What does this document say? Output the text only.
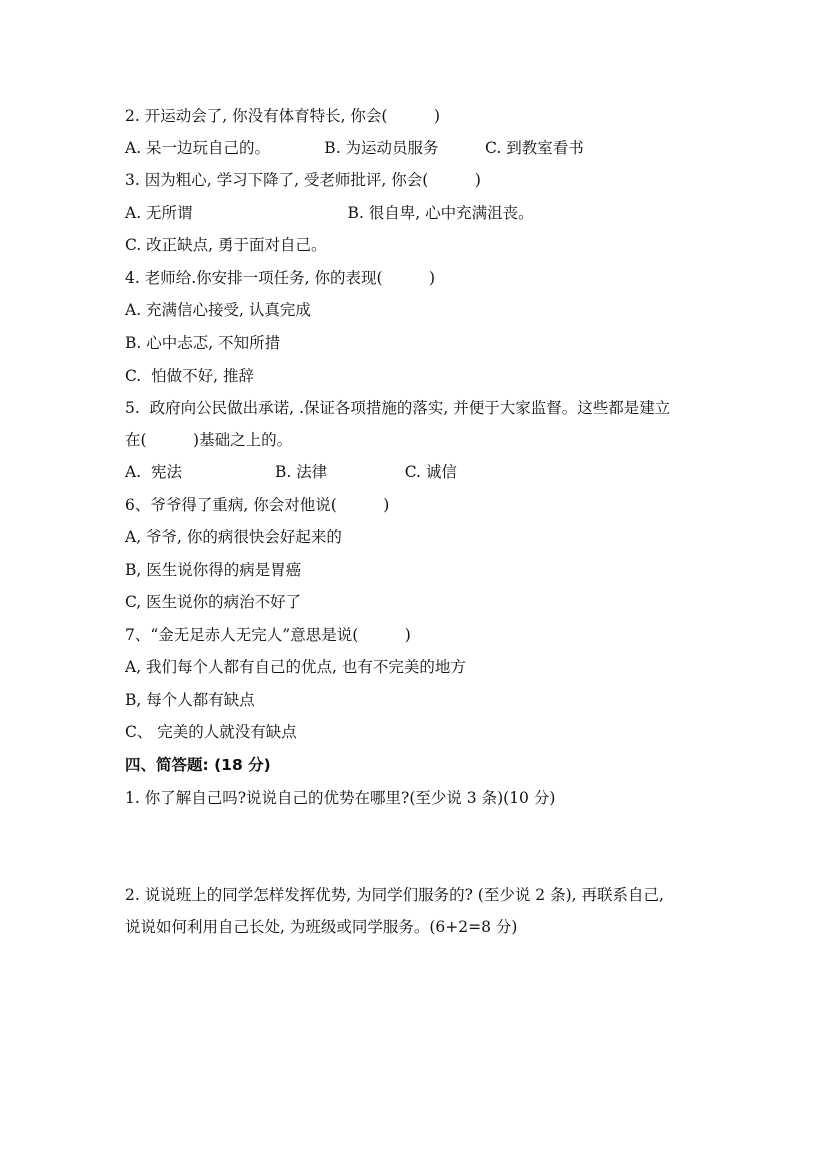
2. 开运动会了, 你没有体育特长, 你会(　　　)
A. 呆一边玩自己的。　　　　B. 为运动员服务　　　C. 到教室看书
3. 因为粗心, 学习下降了, 受老师批评, 你会(　　　)
A. 无所谓　　　　　　　　　　B. 很自卑, 心中充满沮丧。
C. 改正缺点, 勇于面对自己。
4. 老师给.你安排一项任务, 你的表现(　　　)
A. 充满信心接受, 认真完成
B. 心中忐忑, 不知所措
C.  怕做不好, 推辞
5.  政府向公民做出承诺, .保证各项措施的落实, 并便于大家监督。这些都是建立
在(　　　)基础之上的。
A.  宪法　　　　　　B. 法律　　　　　C. 诚信
6、爷爷得了重病, 你会对他说(　　　)
A, 爷爷, 你的病很快会好起来的
B, 医生说你得的病是胃癌
C, 医生说你的病治不好了
7、“金无足赤人无完人”意思是说(　　　)
A, 我们每个人都有自己的优点, 也有不完美的地方
B, 每个人都有缺点
C、 完美的人就没有缺点
四、简答题: (18 分)
1. 你了解自己吗?说说自己的优势在哪里?(至少说 3 条)(10 分)
2. 说说班上的同学怎样发挥优势, 为同学们服务的? (至少说 2 条), 再联系自己,
说说如何利用自己长处, 为班级或同学服务。(6+2=8 分)
